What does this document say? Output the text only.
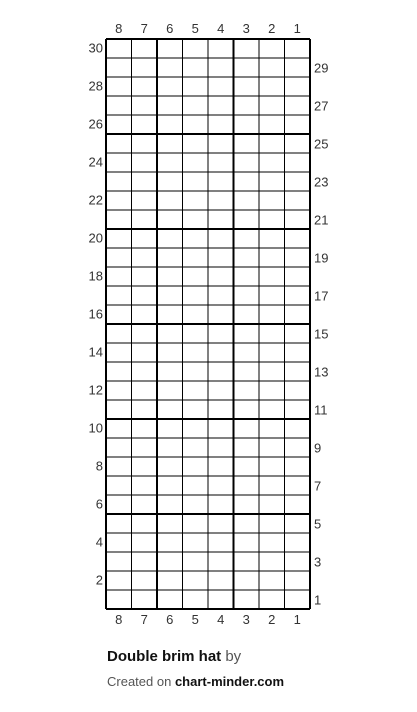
8
8
7
7
6
6
5
5
4
4
3
3
2
2
1
1
30
28
26
24
22
20
18
16
14
12
10
8
6
4
2
29
27
25
23
21
19
17
15
13
11
9
7
5
3
1
Double brim hat by
Created on chart-minder.com
